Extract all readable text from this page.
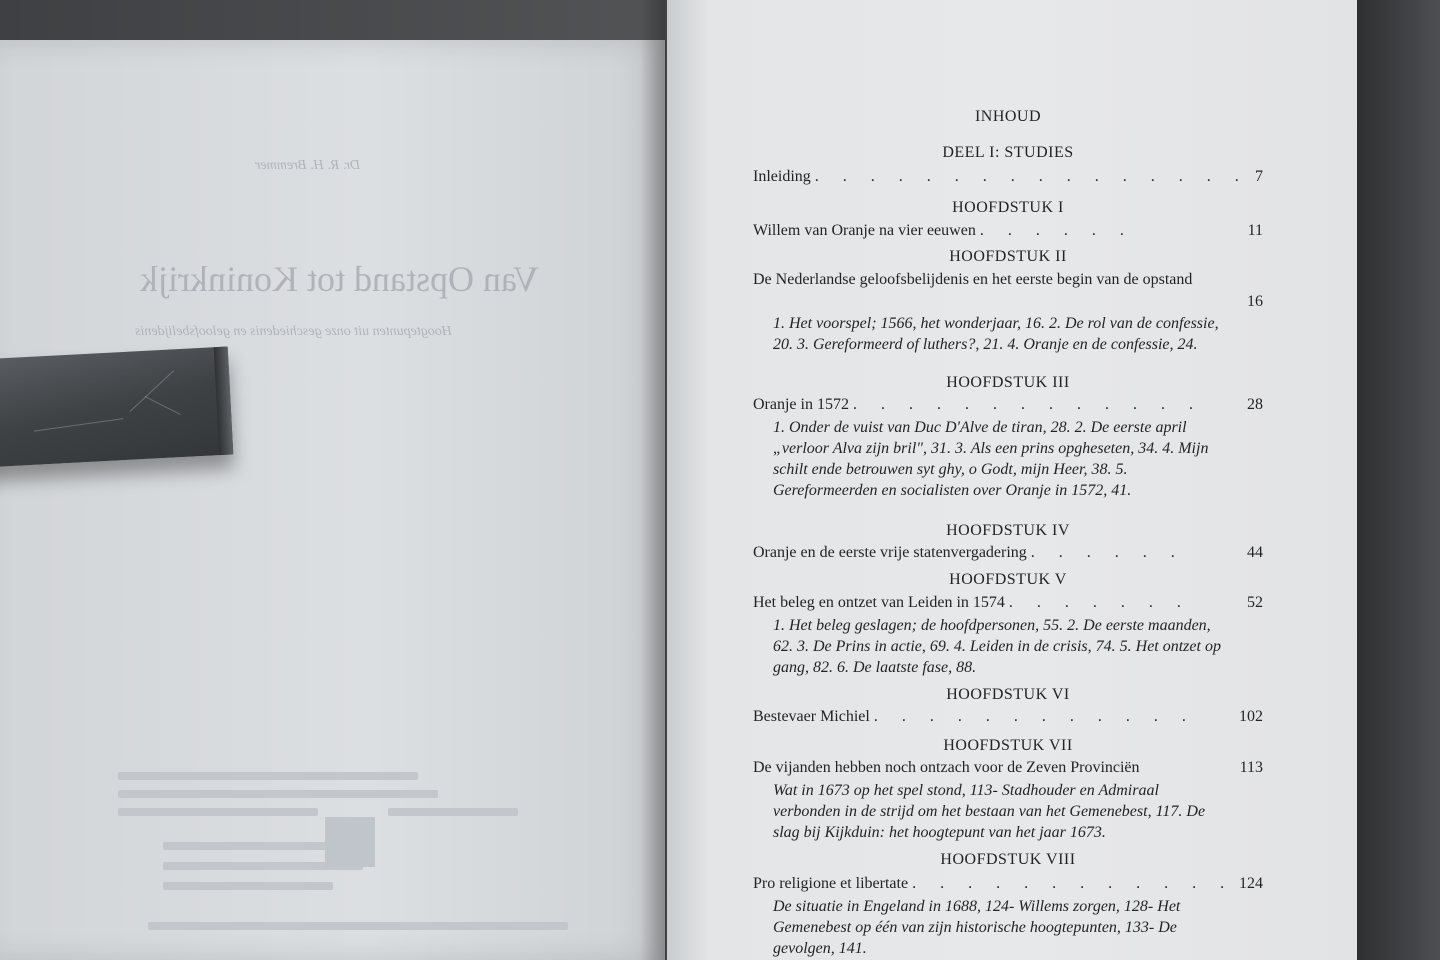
Dr. R. H. Bremmer
Van Opstand tot Koninkrijk
Hoogtepunten uit onze geschiedenis en geloofsbelijdenis
INHOUD
DEEL I: STUDIES
Inleiding . . . . . . . . . . . . . . . . 7
HOOFDSTUK I
Willem van Oranje na vier eeuwen . . . . . .	11
HOOFDSTUK II
De Nederlandse geloofsbelijdenis en het eerste begin van de opstand
16
1. Het voorspel; 1566, het wonderjaar, 16. 2. De rol van de confessie, 20. 3. Gereformeerd of luthers?, 21. 4. Oranje en de confessie, 24.
HOOFDSTUK III
Oranje in 1572 . . . . . . . . . . . . .	28
1. Onder de vuist van Duc D'Alve de tiran, 28. 2. De eerste april „verloor Alva zijn bril", 31. 3. Als een prins opgheseten, 34. 4. Mijn schilt ende betrouwen syt ghy, o Godt, mijn Heer, 38. 5. Gereformeerden en socialisten over Oranje in 1572, 41.
HOOFDSTUK IV
Oranje en de eerste vrije statenvergadering . . . . . .	44
HOOFDSTUK V
Het beleg en ontzet van Leiden in 1574 . . . . . . .	52
1. Het beleg geslagen; de hoofdpersonen, 55. 2. De eerste maanden, 62. 3. De Prins in actie, 69. 4. Leiden in de crisis, 74. 5. Het ontzet op gang, 82. 6. De laatste fase, 88.
HOOFDSTUK VI
Bestevaer Michiel . . . . . . . . . . . .	102
HOOFDSTUK VII
De vijanden hebben noch ontzach voor de Zeven Provinciën	113
Wat in 1673 op het spel stond, 113- Stadhouder en Admiraal verbonden in de strijd om het bestaan van het Gemenebest, 117. De slag bij Kijkduin: het hoogtepunt van het jaar 1673.
HOOFDSTUK VIII
Pro religione et libertate . . . . . . . . . . . . 124
De situatie in Engeland in 1688, 124- Willems zorgen, 128- Het Gemenebest op één van zijn historische hoogtepunten, 133- De gevolgen, 141.
